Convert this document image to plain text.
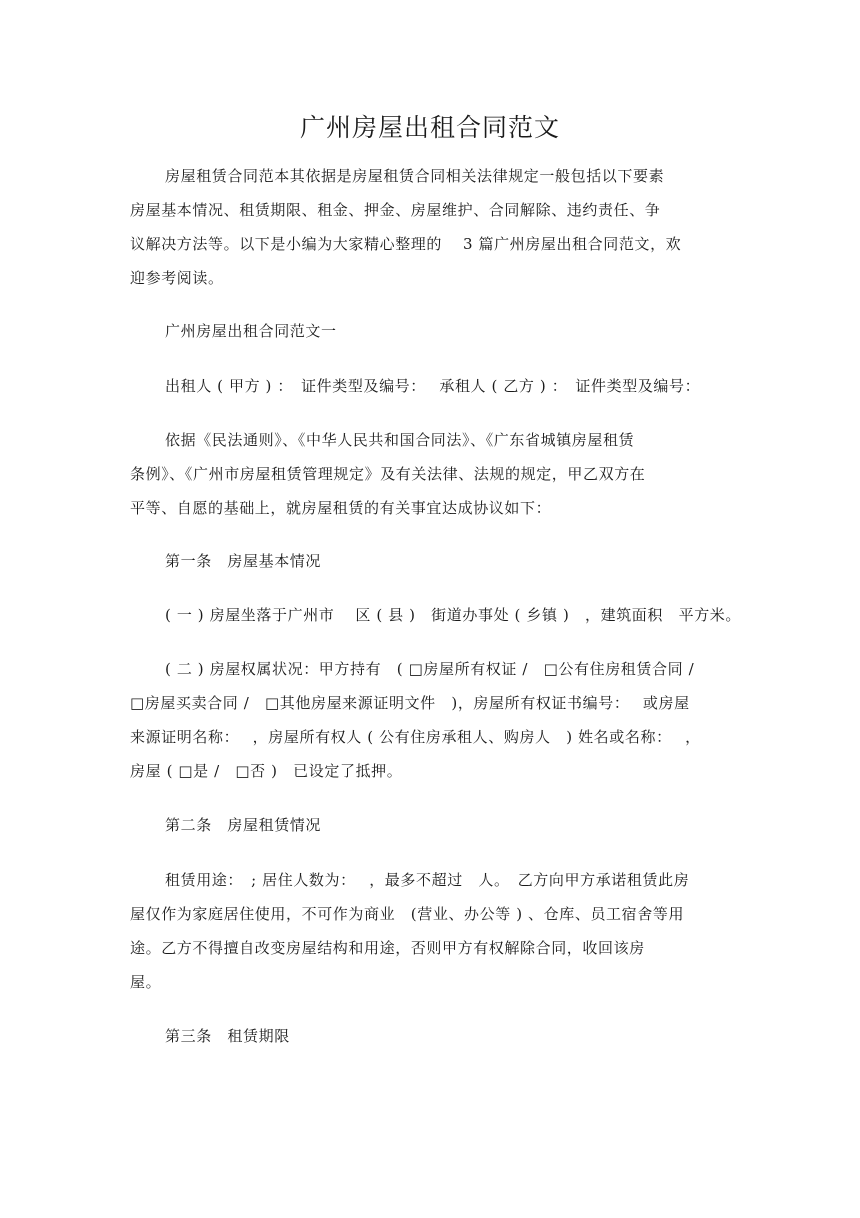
广州房屋出租合同范文
房屋租赁合同范本其依据是房屋租赁合同相关法律规定一般包括以下要素
房屋基本情况、租赁期限、租金、押金、房屋维护、合同解除、违约责任、争
议解决方法等。以下是小编为大家精心整理的　 3 篇广州房屋出租合同范文，欢
迎参考阅读。
广州房屋出租合同范文一
出租人 ( 甲方 ) ：　证件类型及编号：　 承租人 ( 乙方 ) ：　证件类型及编号：
依据《民法通则》、《中华人民共和国合同法》、《广东省城镇房屋租赁
条例》、《广州市房屋租赁管理规定》及有关法律、法规的规定，甲乙双方在
平等、自愿的基础上，就房屋租赁的有关事宜达成协议如下：
第一条　房屋基本情况
( 一 ) 房屋坐落于广州市　 区 ( 县 )　街道办事处 ( 乡镇 )　，建筑面积　平方米。
( 二 ) 房屋权属状况：甲方持有　( □房屋所有权证 /　□公有住房租赁合同 /
□房屋买卖合同 /　□其他房屋来源证明文件　)，房屋所有权证书编号：　 或房屋
来源证明名称：　 ，房屋所有权人 ( 公有住房承租人、购房人　) 姓名或名称：　 ，
房屋 ( □是 /　□否 )　已设定了抵押。
第二条　房屋租赁情况
租赁用途：　; 居住人数为：　 ，最多不超过　人。　乙方向甲方承诺租赁此房
屋仅作为家庭居住使用，不可作为商业　(营业、办公等 ) 、仓库、员工宿舍等用
途。乙方不得擅自改变房屋结构和用途，否则甲方有权解除合同，收回该房
屋。
第三条　租赁期限
